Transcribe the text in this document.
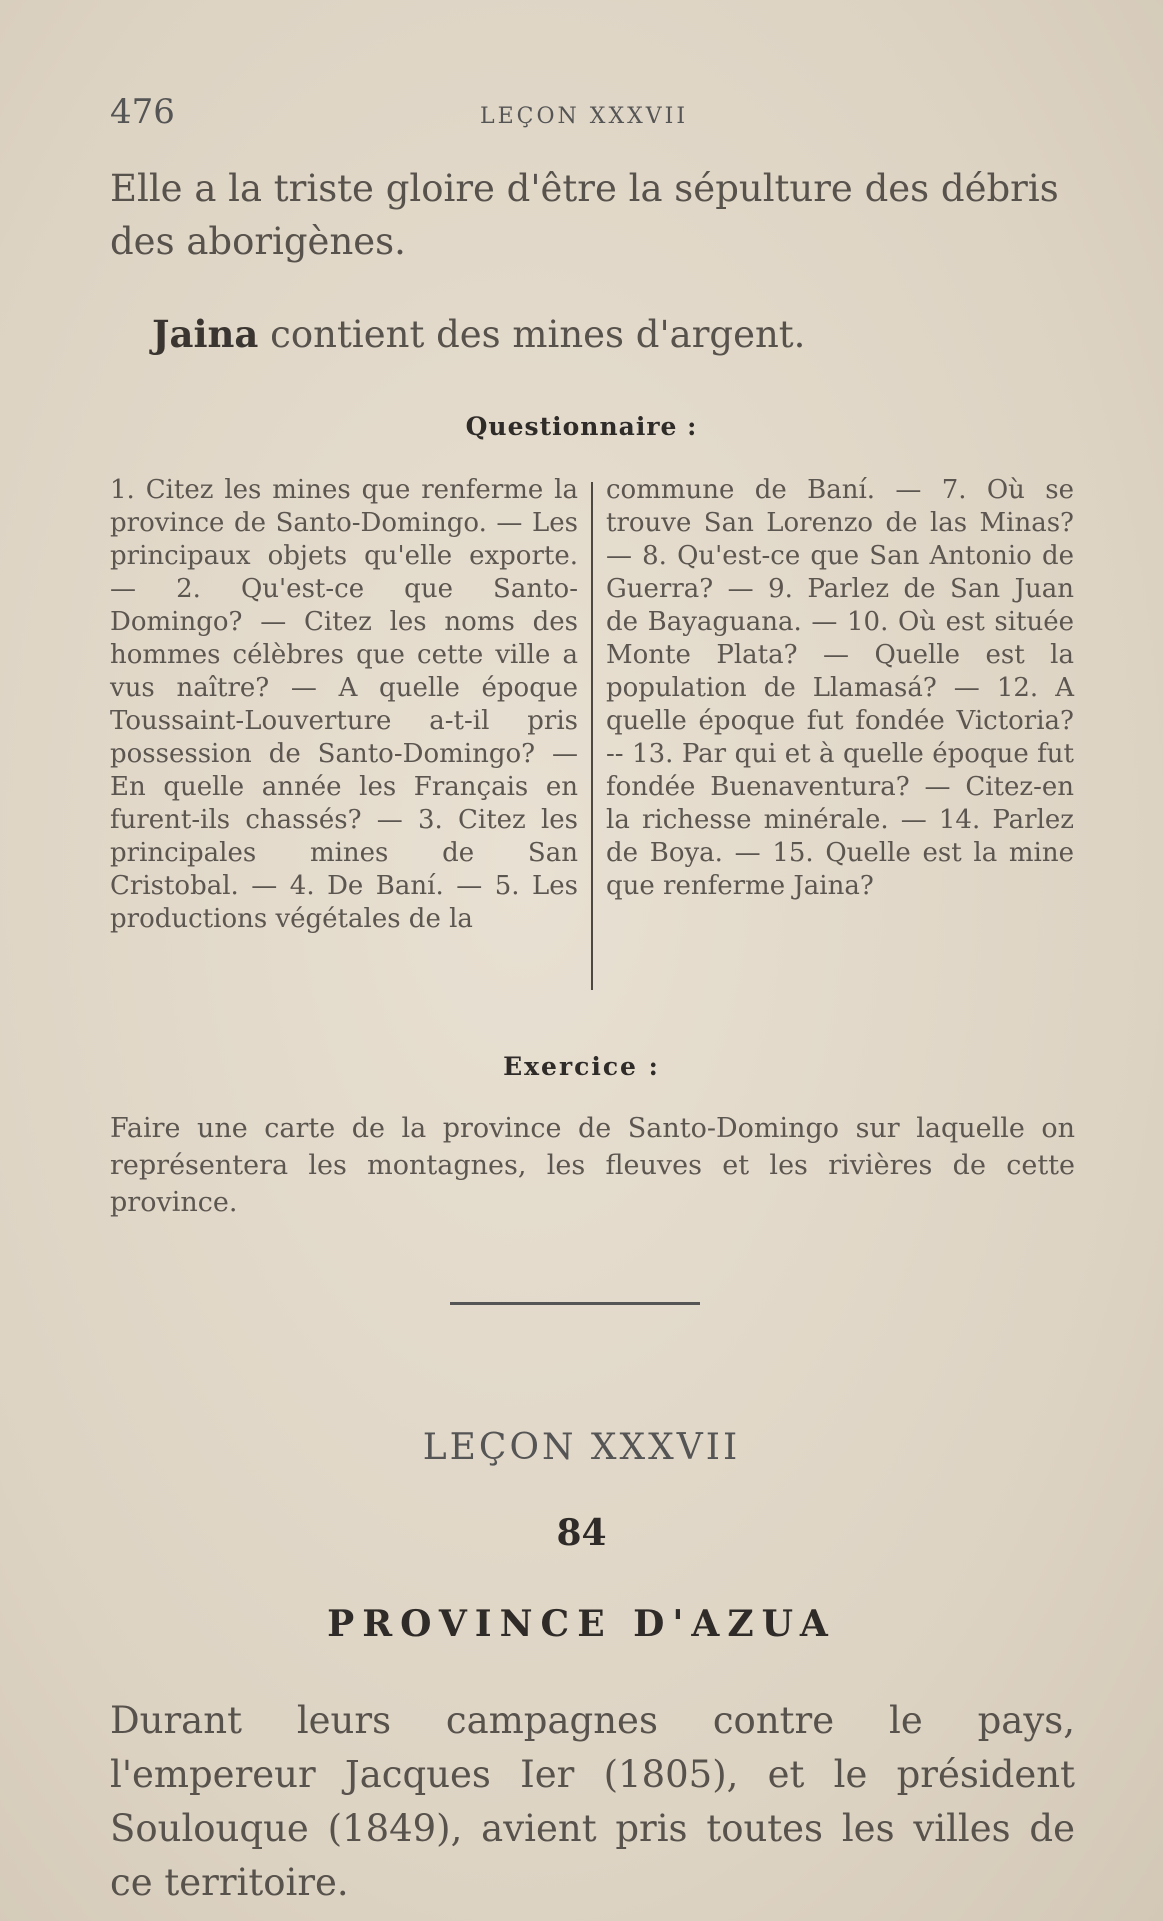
476	LEÇON XXXVII
Elle a la triste gloire d'être la sépulture des débris des aborigènes.
Jaina contient des mines d'argent.
Questionnaire :
1. Citez les mines que renferme la province de Santo-Domingo. — Les principaux objets qu'elle exporte. — 2. Qu'est-ce que Santo-Domingo? — Citez les noms des hommes célèbres que cette ville a vus naître? — A quelle époque Toussaint-Louverture a-t-il pris possession de Santo-Domingo? — En quelle année les Français en furent-ils chassés? — 3. Citez les principales mines de San Cristobal. — 4. De Baní. — 5. Les productions végétales de la
commune de Baní. — 7. Où se trouve San Lorenzo de las Minas? — 8. Qu'est-ce que San Antonio de Guerra? — 9. Parlez de San Juan de Bayaguana. — 10. Où est située Monte Plata? — Quelle est la population de Llamasá? — 12. A quelle époque fut fondée Victoria? -- 13. Par qui et à quelle époque fut fondée Buenaventura? — Citez-en la richesse minérale. — 14. Parlez de Boya. — 15. Quelle est la mine que renferme Jaina?
Exercice :
Faire une carte de la province de Santo-Domingo sur laquelle on représentera les montagnes, les fleuves et les rivières de cette province.
LEÇON XXXVII
84
PROVINCE D'AZUA
Durant leurs campagnes contre le pays, l'empereur Jacques Ier (1805), et le président Soulouque (1849), avient pris toutes les villes de ce territoire.
